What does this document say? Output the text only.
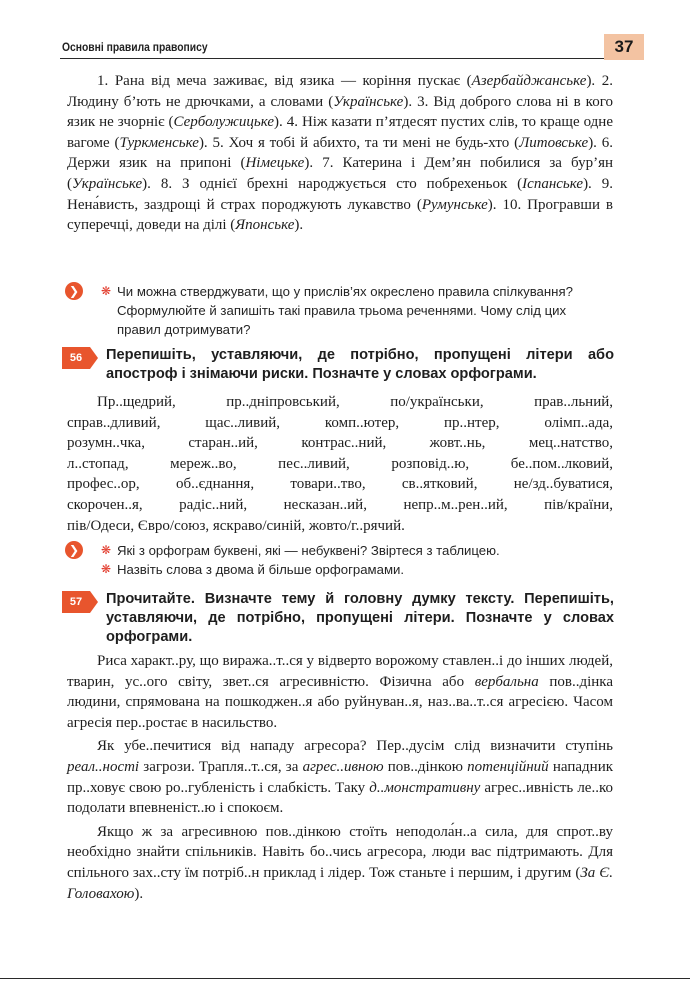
Основні правила правопису	37

1. Рана від меча заживає, від язика — коріння пускає (Азербайджанське). 2. Людину б’ють не дрючками, а словами (Українське). 3. Від доброго слова ні в кого язик не зчорніє (Серболужицьке). 4. Ніж казати п’ятдесят пустих слів, то краще одне вагоме (Туркменське). 5. Хоч я тобі й абихто, та ти мені не будь-хто (Литовське). 6. Держи язик на припоні (Німецьке). 7. Катерина і Дем’ян побилися за бур’ян (Українське). 8. З однієї брехні народжується сто побрехеньок (Іспанське). 9. Нена́висть, заздрощі й страх породжують лукавство (Румунське). 10. Програвши в суперечці, доведи на ділі (Японське).

❯ ❋ Чи можна стверджувати, що у прислів’ях окреслено правила спілкування? Сформулюйте й запишіть такі правила трьома реченнями. Чому слід цих правил дотримувати?
56	Перепишіть, уставляючи, де потрібно, пропущені літери або апостроф і знімаючи риски. Позначте у словах орфограми.

Пр..щедрий, пр..дніпровський, по/українськи, прав..льний,
справ..дливий, щас..ливий, комп..ютер, пр..нтер, олімп..ада,
розумн..чка, старан..ий, контрас..ний, жовт..нь, мец..натство,
л..стопад, мереж..во, пес..ливий, розповід..ю, бе..пом..лковий,
профес..ор, об..єднання, товари..тво, св..ятковий, не/зд..буватися,
скорочен..я, радіс..ний, несказан..ий, непр..м..рен..ий, пів/країни,
пів/Одеси, Євро/союз, яскраво/синій, жовто/г..рячий.

❯ ❋ Які з орфограм буквені, які — небуквені? Звіртеся з таблицею.
❋ Назвіть слова з двома й більше орфограмами.
57	Прочитайте. Визначте тему й головну думку тексту. Перепишіть, уставляючи, де потрібно, пропущені літери. Позначте у словах орфограми.

Риса характ..ру, що виража..т..ся у відверто ворожому ставлен..і до інших людей, тварин, ус..ого світу, звет..ся агресивністю. Фізична або вербальна пов..дінка людини, спрямована на пошкоджен..я або руйнуван..я, наз..ва..т..ся агресією. Часом агресія пер..ростає в насильство.

Як убе..печитися від нападу агресора? Пер..дусім слід визначити ступінь реал..ності загрози. Трапля..т..ся, за агрес..ивною пов..дінкою потенційний нападник пр..ховує свою ро..губленість і слабкість. Таку д..монстративну агрес..ивність ле..ко подолати впевненіст..ю і спокоєм.

Якщо ж за агресивною пов..дінкою стоїть неподола́н..а сила, для спрот..ву необхідно знайти спільників. Навіть бо..чись агресора, люди вас підтримають. Для спільного зах..сту їм потріб..н приклад і лідер. Тож станьте і першим, і другим (За Є. Головахою).
